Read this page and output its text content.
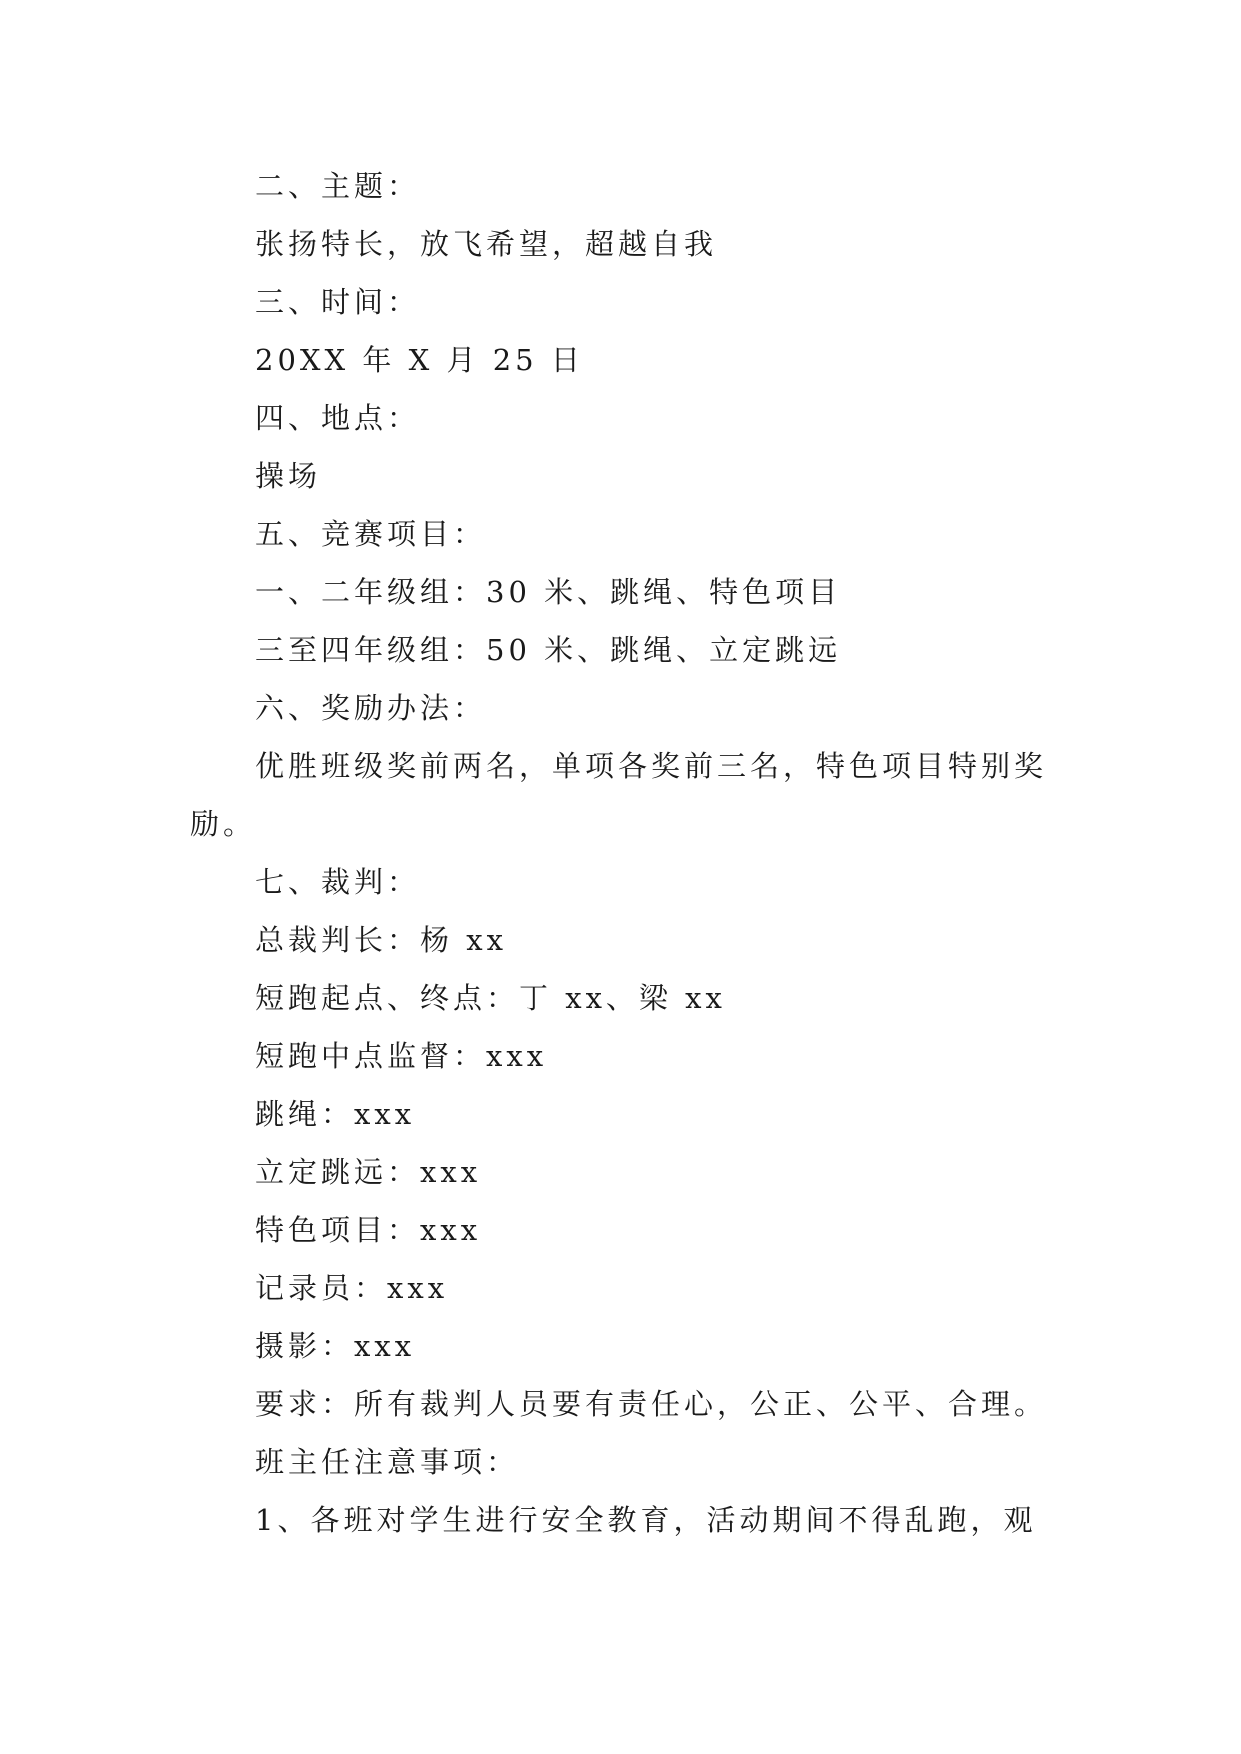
二、主题：
张扬特长，放飞希望，超越自我
三、时间：
20XX 年 X 月 25 日
四、地点：
操场
五、竞赛项目：
一、二年级组：30 米、跳绳、特色项目
三至四年级组：50 米、跳绳、立定跳远
六、奖励办法：
优胜班级奖前两名，单项各奖前三名，特色项目特别奖
励。
七、裁判：
总裁判长：杨 xx
短跑起点、终点：丁 xx、梁 xx
短跑中点监督：xxx
跳绳：xxx
立定跳远：xxx
特色项目：xxx
记录员：xxx
摄影：xxx
要求：所有裁判人员要有责任心，公正、公平、合理。
班主任注意事项：
1、各班对学生进行安全教育，活动期间不得乱跑，观
